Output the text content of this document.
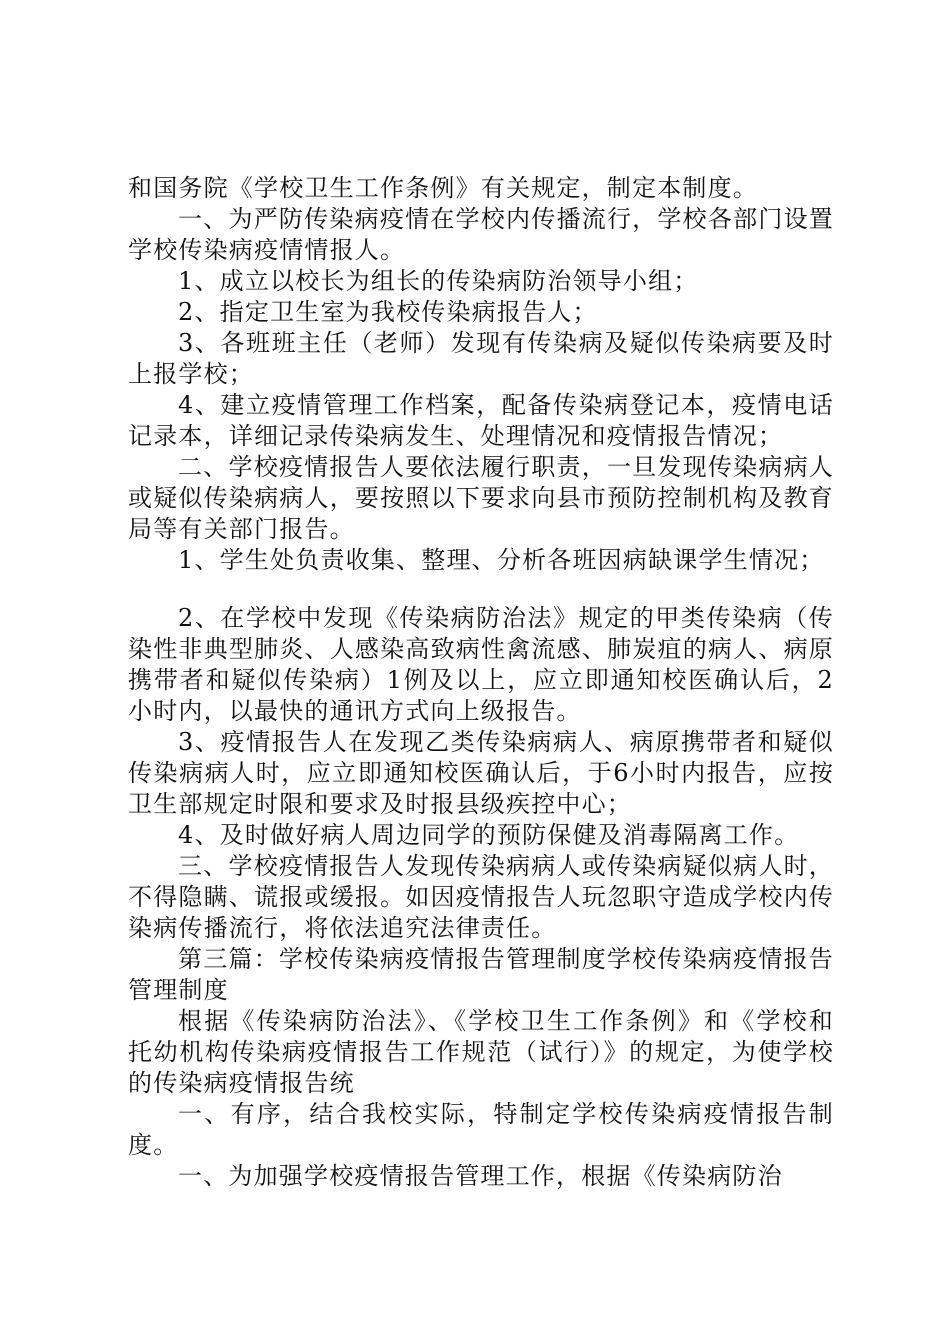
和国务院《学校卫生工作条例》有关规定，制定本制度。

一、为严防传染病疫情在学校内传播流行，学校各部门设置学校传染病疫情情报人。

1、成立以校长为组长的传染病防治领导小组；

2、指定卫生室为我校传染病报告人；

3、各班班主任（老师）发现有传染病及疑似传染病要及时上报学校；

4、建立疫情管理工作档案，配备传染病登记本，疫情电话记录本，详细记录传染病发生、处理情况和疫情报告情况；

二、学校疫情报告人要依法履行职责，一旦发现传染病病人或疑似传染病病人，要按照以下要求向县市预防控制机构及教育局等有关部门报告。

1、学生处负责收集、整理、分析各班因病缺课学生情况；

2、在学校中发现《传染病防治法》规定的甲类传染病（传染性非典型肺炎、人感染高致病性禽流感、肺炭疽的病人、病原携带者和疑似传染病）1例及以上，应立即通知校医确认后，2小时内，以最快的通讯方式向上级报告。

3、疫情报告人在发现乙类传染病病人、病原携带者和疑似传染病病人时，应立即通知校医确认后，于6小时内报告，应按卫生部规定时限和要求及时报县级疾控中心；

4、及时做好病人周边同学的预防保健及消毒隔离工作。

三、学校疫情报告人发现传染病病人或传染病疑似病人时，不得隐瞒、谎报或缓报。如因疫情报告人玩忽职守造成学校内传染病传播流行，将依法追究法律责任。

第三篇：学校传染病疫情报告管理制度学校传染病疫情报告管理制度

根据《传染病防治法》、《学校卫生工作条例》和《学校和托幼机构传染病疫情报告工作规范（试行）》的规定，为使学校的传染病疫情报告统

一、有序，结合我校实际，特制定学校传染病疫情报告制度。

一、为加强学校疫情报告管理工作，根据《传染病防治
